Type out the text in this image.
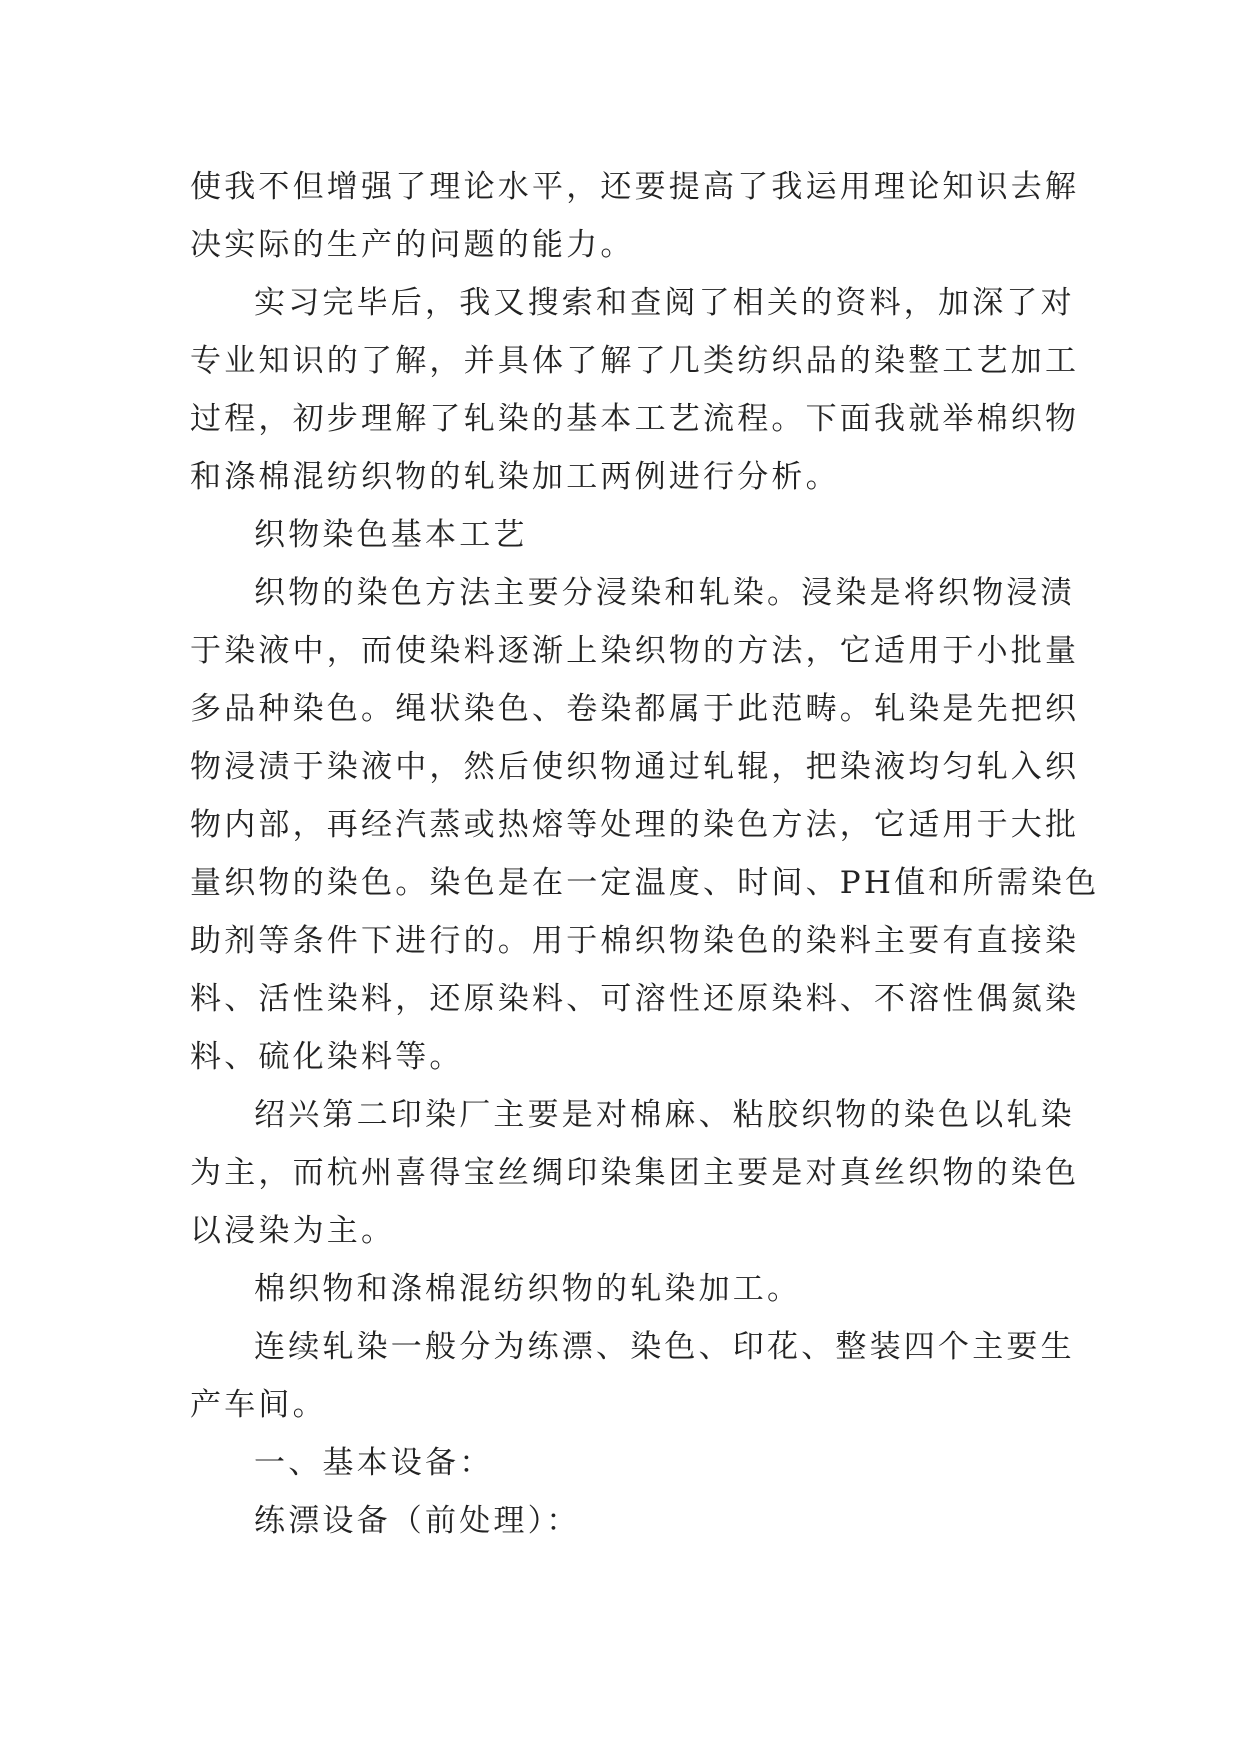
使我不但增强了理论水平，还要提高了我运用理论知识去解
决实际的生产的问题的能力。
实习完毕后，我又搜索和查阅了相关的资料，加深了对
专业知识的了解，并具体了解了几类纺织品的染整工艺加工
过程，初步理解了轧染的基本工艺流程。下面我就举棉织物
和涤棉混纺织物的轧染加工两例进行分析。
织物染色基本工艺
织物的染色方法主要分浸染和轧染。浸染是将织物浸渍
于染液中，而使染料逐渐上染织物的方法，它适用于小批量
多品种染色。绳状染色、卷染都属于此范畴。轧染是先把织
物浸渍于染液中，然后使织物通过轧辊，把染液均匀轧入织
物内部，再经汽蒸或热熔等处理的染色方法，它适用于大批
量织物的染色。染色是在一定温度、时间、PH值和所需染色
助剂等条件下进行的。用于棉织物染色的染料主要有直接染
料、活性染料，还原染料、可溶性还原染料、不溶性偶氮染
料、硫化染料等。
绍兴第二印染厂主要是对棉麻、粘胶织物的染色以轧染
为主，而杭州喜得宝丝绸印染集团主要是对真丝织物的染色
以浸染为主。
棉织物和涤棉混纺织物的轧染加工。
连续轧染一般分为练漂、染色、印花、整装四个主要生
产车间。
一、基本设备：
练漂设备（前处理）：
